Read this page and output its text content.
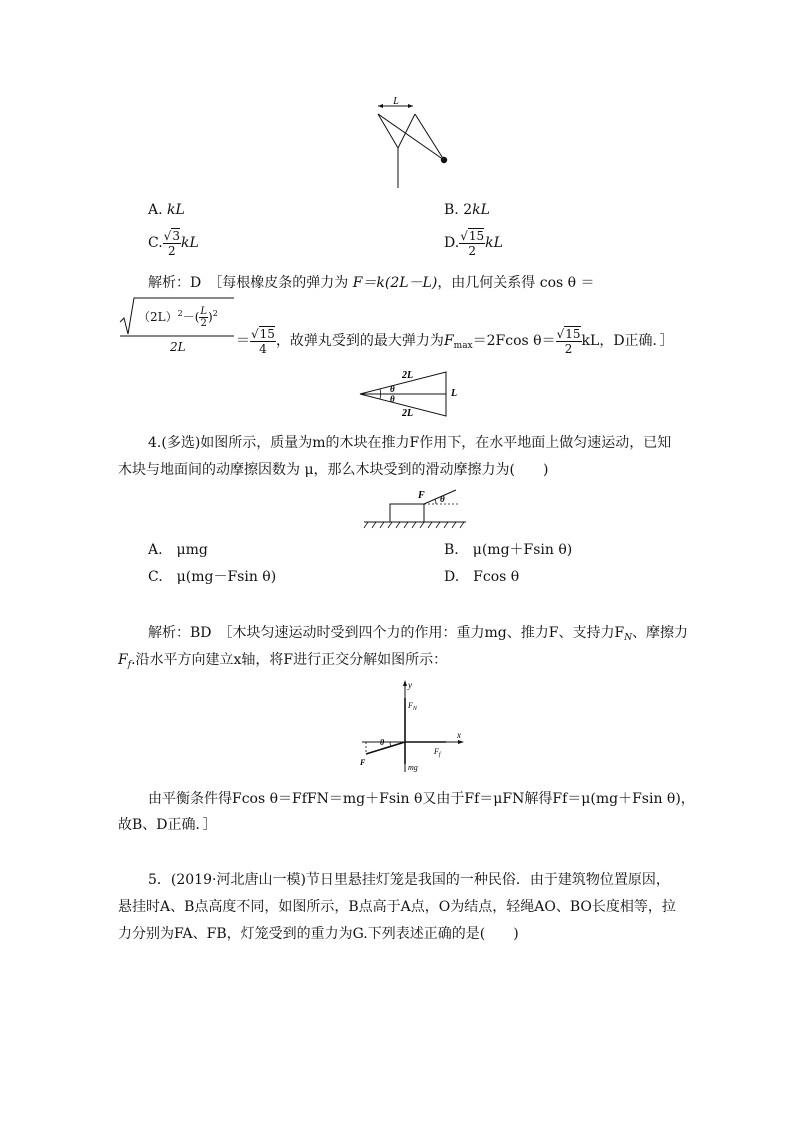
L
A. kL	B. 2kL
C. $\frac{√3}{2}$ kL	D. $\frac{√15}{2}$ kL
解析：D　［每根橡皮条的弹力为 F＝k(2L－L)，由几何关系得 cos θ ＝
$(2L)^2-( \frac{L}{2} )^2$
2L	＝ $\frac{√15}{4}$ ，故弹丸受到的最大弹力为$F_{max}=2Fcos$ $\theta= \frac{√15}{2}$ kL，D正确．］
2L
2L
L
θ
θ
4.(多选)如图所示，质量为m的木块在推力F作用下，在水平地面上做匀速运动，已知
木块与地面间的动摩擦因数为 μ，那么木块受到的滑动摩擦力为(　　)
F θ
A.　μmg	B.　μ(mg＋Fsin θ)
C.　μ(mg－Fsin θ)	D.　Fcos θ
解析：BD　［木块匀速运动时受到四个力的作用：重力mg、推力F、支持力$F_N$、摩擦力
$F_f$.沿水平方向建立x轴，将F进行正交分解如图所示：
y
x
$F_N$
$F_f$
F
θ
mg
由平衡条件得Fcos θ＝FfFN＝mg＋Fsin θ又由于Ff＝μFN解得Ff＝μ(mg＋Fsin θ)，
故B、D正确．］
5．(2019·河北唐山一模)节日里悬挂灯笼是我国的一种民俗．由于建筑物位置原因，
悬挂时A、B点高度不同，如图所示，B点高于A点，O为结点，轻绳AO、BO长度相等，拉
力分别为FA、FB，灯笼受到的重力为G.下列表述正确的是(　　)
